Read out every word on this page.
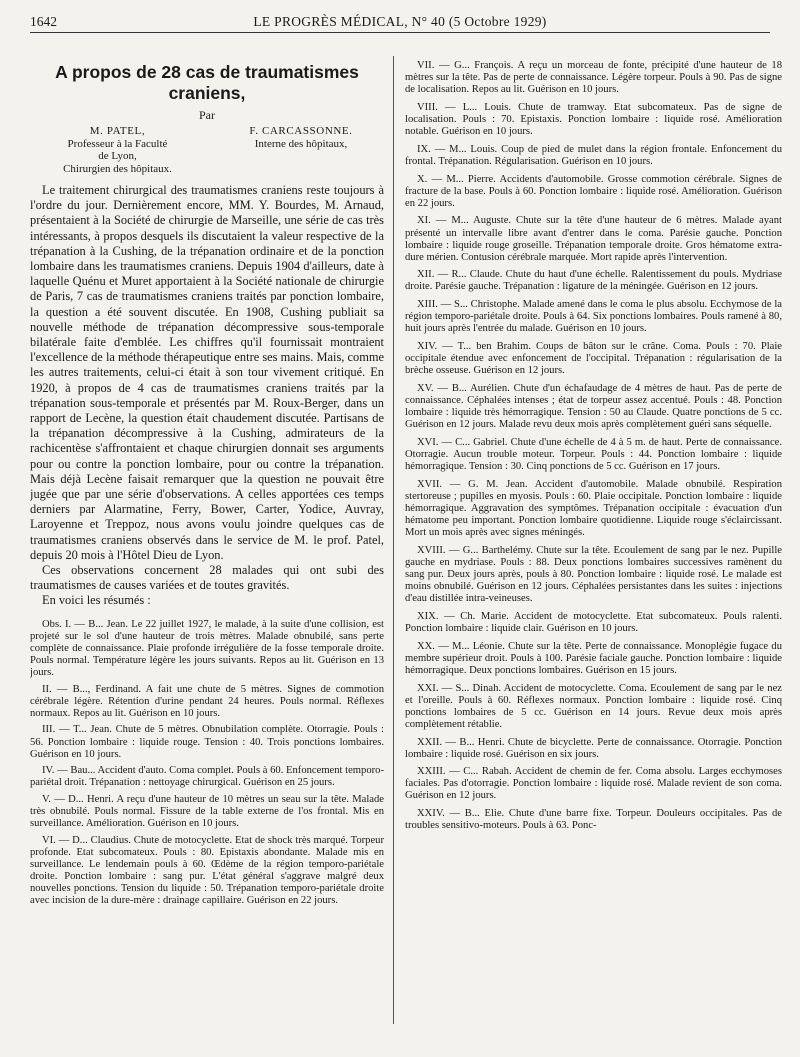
1642	LE PROGRÈS MÉDICAL, N° 40 (5 Octobre 1929)
A propos de 28 cas de traumatismes craniens,
Par
M. PATEL,
Professeur à la Faculté
de Lyon,
Chirurgien des hôpitaux.
F. CARCASSONNE.
Interne des hôpitaux,

Le traitement chirurgical des traumatismes craniens reste toujours à l'ordre du jour. Dernièrement encore, MM. Y. Bourdes, M. Arnaud, présentaient à la Société de chirurgie de Marseille, une série de cas très intéressants, à propos desquels ils discutaient la valeur respective de la trépanation à la Cushing, de la trépanation ordinaire et de la ponction lombaire dans les traumatismes craniens. Depuis 1904 d'ailleurs, date à laquelle Quénu et Muret apportaient à la Société nationale de chirurgie de Paris, 7 cas de traumatismes craniens traités par ponction lombaire, la question a été souvent discutée. En 1908, Cushing publiait sa nouvelle méthode de trépanation décompressive sous-temporale bilatérale faite d'emblée. Les chiffres qu'il fournissait montraient l'excellence de la méthode thérapeutique entre ses mains. Mais, comme les autres traitements, celui-ci était à son tour vivement critiqué. En 1920, à propos de 4 cas de traumatismes craniens traités par la trépanation sous-temporale et présentés par M. Roux-Berger, dans un rapport de Lecène, la question était chaudement discutée. Partisans de la trépanation décompressive à la Cushing, admirateurs de la rachicentèse s'affrontaient et chaque chirurgien donnait ses arguments pour ou contre la ponction lombaire, pour ou contre la trépanation. Mais déjà Lecène faisait remarquer que la question ne pouvait être jugée que par une série d'observations. A celles apportées ces temps derniers par Alarmatine, Ferry, Bower, Carter, Yodice, Auvray, Laroyenne et Treppoz, nous avons voulu joindre quelques cas de traumatismes craniens observés dans le service de M. le prof. Patel, depuis 20 mois à l'Hôtel Dieu de Lyon.

Ces observations concernent 28 malades qui ont subi des traumatismes de causes variées et de toutes gravités.

En voici les résumés :

Obs. I. — B... Jean. Le 22 juillet 1927, le malade, à la suite d'une collision, est projeté sur le sol d'une hauteur de trois mètres. Malade obnubilé, sans perte complète de connaissance. Plaie profonde irrégulière de la fosse temporale droite. Pouls normal. Température légère les jours suivants. Repos au lit. Guérison en 13 jours.

II. — B..., Ferdinand. A fait une chute de 5 mètres. Signes de commotion cérébrale légère. Rétention d'urine pendant 24 heures. Pouls normal. Réflexes normaux. Repos au lit. Guérison en 10 jours.

III. — T... Jean. Chute de 5 mètres. Obnubilation complète. Otorragie. Pouls : 56. Ponction lombaire : liquide rouge. Tension : 40. Trois ponctions lombaires. Guérison en 10 jours.

IV. — Bau... Accident d'auto. Coma complet. Pouls à 60. Enfoncement temporo-pariétal droit. Trépanation : nettoyage chirurgical. Guérison en 25 jours.

V. — D... Henri. A reçu d'une hauteur de 10 mètres un seau sur la tête. Malade très obnubilé. Pouls normal. Fissure de la table externe de l'os frontal. Mis en surveillance. Amélioration. Guérison en 10 jours.

VI. — D... Claudius. Chute de motocyclette. Etat de shock très marqué. Torpeur profonde. Etat subcomateux. Pouls : 80. Epistaxis abondante. Malade mis en surveillance. Le lendemain pouls à 60. Œdème de la région temporo-pariétale droite. Ponction lombaire : sang pur. L'état général s'aggrave malgré deux nouvelles ponctions. Tension du liquide : 50. Trépanation temporo-pariétale droite avec incision de la dure-mère : drainage capillaire. Guérison en 22 jours.

VII. — G... François. A reçu un morceau de fonte, précipité d'une hauteur de 18 mètres sur la tête. Pas de perte de connaissance. Légère torpeur. Pouls à 90. Pas de signe de localisation. Repos au lit. Guérison en 10 jours.

VIII. — L... Louis. Chute de tramway. Etat subcomateux. Pas de signe de localisation. Pouls : 70. Epistaxis. Ponction lombaire : liquide rosé. Amélioration notable. Guérison en 10 jours.

IX. — M... Louis. Coup de pied de mulet dans la région frontale. Enfoncement du frontal. Trépanation. Régularisation. Guérison en 10 jours.

X. — M... Pierre. Accidents d'automobile. Grosse commotion cérébrale. Signes de fracture de la base. Pouls à 60. Ponction lombaire : liquide rosé. Amélioration. Guérison en 22 jours.

XI. — M... Auguste. Chute sur la tête d'une hauteur de 6 mètres. Malade ayant présenté un intervalle libre avant d'entrer dans le coma. Parésie gauche. Ponction lombaire : liquide rouge groseille. Trépanation temporale droite. Gros hématome extra-dure mérien. Contusion cérébrale marquée. Mort rapide après l'intervention.

XII. — R... Claude. Chute du haut d'une échelle. Ralentissement du pouls. Mydriase droite. Parésie gauche. Trépanation : ligature de la méningée. Guérison en 12 jours.

XIII. — S... Christophe. Malade amené dans le coma le plus absolu. Ecchymose de la région temporo-pariétale droite. Pouls à 64. Six ponctions lombaires. Pouls ramené à 80, huit jours après l'entrée du malade. Guérison en 10 jours.

XIV. — T... ben Brahim. Coups de bâton sur le crâne. Coma. Pouls : 70. Plaie occipitale étendue avec enfoncement de l'occipital. Trépanation : régularisation de la brèche osseuse. Guérison en 12 jours.

XV. — B... Aurélien. Chute d'un échafaudage de 4 mètres de haut. Pas de perte de connaissance. Céphalées intenses ; état de torpeur assez accentué. Pouls : 48. Ponction lombaire : liquide très hémorragique. Tension : 50 au Claude. Quatre ponctions de 5 cc. Guérison en 12 jours. Malade revu deux mois après complètement guéri sans séquelle.

XVI. — C... Gabriel. Chute d'une échelle de 4 à 5 m. de haut. Perte de connaissance. Otorragie. Aucun trouble moteur. Torpeur. Pouls : 44. Ponction lombaire : liquide hémorragique. Tension : 30. Cinq ponctions de 5 cc. Guérison en 17 jours.

XVII. — G. M. Jean. Accident d'automobile. Malade obnubilé. Respiration stertoreuse ; pupilles en myosis. Pouls : 60. Plaie occipitale. Ponction lombaire : liquide hémorragique. Aggravation des symptômes. Trépanation occipitale : évacuation d'un hématome peu important. Ponction lombaire quotidienne. Liquide rouge s'éclaircissant. Mort un mois après avec signes méningés.

XVIII. — G... Barthelémy. Chute sur la tête. Ecoulement de sang par le nez. Pupille gauche en mydriase. Pouls : 88. Deux ponctions lombaires successives ramènent du sang pur. Deux jours après, pouls à 80. Ponction lombaire : liquide rosé. Le malade est moins obnubilé. Guérison en 12 jours. Céphalées persistantes dans les suites : injections d'eau distillée intra-veineuses.

XIX. — Ch. Marie. Accident de motocyclette. Etat subcomateux. Pouls ralenti. Ponction lombaire : liquide clair. Guérison en 10 jours.

XX. — M... Léonie. Chute sur la tête. Perte de connaissance. Monoplégie fugace du membre supérieur droit. Pouls à 100. Parésie faciale gauche. Ponction lombaire : liquide hémorragique. Deux ponctions lombaires. Guérison en 15 jours.

XXI. — S... Dinah. Accident de motocyclette. Coma. Ecoulement de sang par le nez et l'oreille. Pouls à 60. Réflexes normaux. Ponction lombaire : liquide rosé. Cinq ponctions lombaires de 5 cc. Guérison en 14 jours. Revue deux mois après complètement rétablie.

XXII. — B... Henri. Chute de bicyclette. Perte de connaissance. Otorragie. Ponction lombaire : liquide rosé. Guérison en six jours.

XXIII. — C... Rabah. Accident de chemin de fer. Coma absolu. Larges ecchymoses faciales. Pas d'otorragie. Ponction lombaire : liquide rosé. Malade revient de son coma. Guérison en 12 jours.

XXIV. — B... Elie. Chute d'une barre fixe. Torpeur. Douleurs occipitales. Pas de troubles sensitivo-moteurs. Pouls à 63. Ponc-
